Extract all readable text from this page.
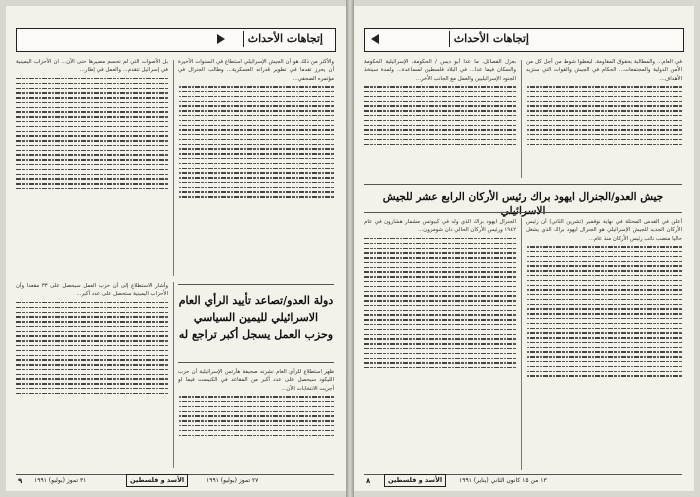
إتجاهات الأحداث
بعزل الفصائل، ما عدا أبو ديس / الحكومة، الإسرائيلية الحكومة والسكان فيما عدا... في البلاد فلسطين لمساعدة... ولمدة سيتخذ الجنود الإسرائيليين والعمل مع الجانب الأخر...
في العام... والمطالبة بحقوق المقاومة. ليعطوا شوط من أجل كل من الأمن الدولية والمجتمعات... الحكام في الجيش والقوات التي ستزيد الأهداف...
جيش العدو/الجنرال ايهود براك رئيس الأركان الرابع عشر للجيش الاسرائيلي
الجنرال ايهود براك الذي ولد في كيبوتس مشمار هشارون في عام ١٩٤٢ ورئيس الأركان الحالي دان شومرون...
أعلن في القدس المحتلة في نهاية نوفمبر (تشرين الثاني) أن رئيس الأركان الجديد للجيش الإسرائيلي هو الجنرال ايهود براك الذي يشغل حاليا منصب نائب رئيس الأركان منذ عام...
٨	الأسد و فلسطين	١٣ من ١٥ كانون الثاني (يناير) ١٩٩١
إتجاهات الأحداث
بل الأصوات التي لم تحسم مصيرها حتى الآن... ان الأحزاب اليمينية في إسرائيل تتقدم... والعمل في إطار...
والأكثر من ذلك هو أن الجيش الإسرائيلي استطاع في السنوات الأخيرة أن يحرز تقدما في تطوير قدراته العسكرية... وطالب الجنرال في مؤتمره الصحفي...
دولة العدو/تصاعد تأييد الرأي العام الاسرائيلي لليمين السياسي وحزب العمل يسجل أكبر تراجع له
وأشار الاستطلاع إلى أن حزب العمل سيحصل على ٣٣ مقعدا وأن الأحزاب اليمينية ستحصل على عدد أكبر...
ظهر استطلاع للرأي العام نشرته صحيفة هآرتس الإسرائيلية أن حزب الليكود سيحصل على عدد أكبر من المقاعد في الكنيست فيما لو أجريت الانتخابات الآن...
٩ ٣١ تموز (يوليو) ١٩٩١	الأسد و فلسطين	٢٧ تموز (يوليو) ١٩٩١
